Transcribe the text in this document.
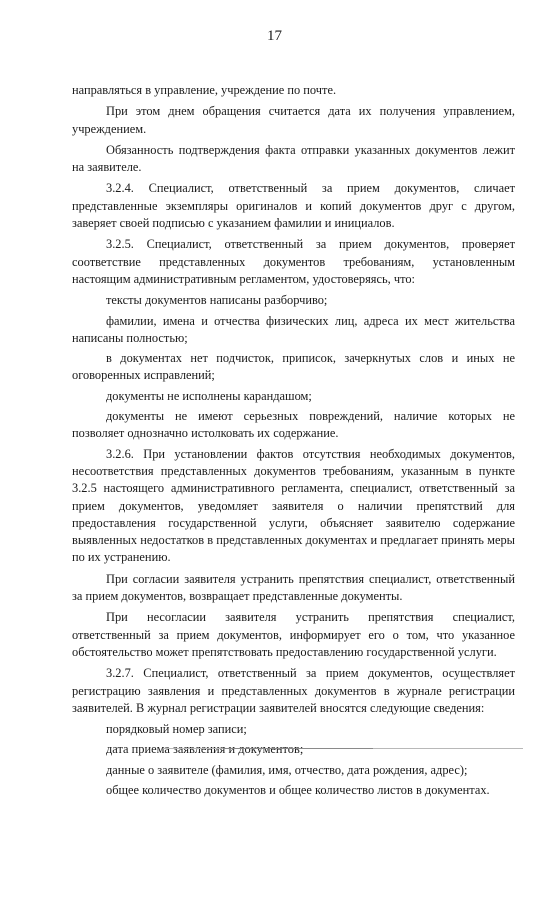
17

направляться в управление, учреждение по почте.

При этом днем обращения считается дата их получения управлением, учреждением.

Обязанность подтверждения факта отправки указанных документов лежит на заявителе.

3.2.4. Специалист, ответственный за прием документов, сличает представленные экземпляры оригиналов и копий документов друг с другом, заверяет своей подписью с указанием фамилии и инициалов.

3.2.5. Специалист, ответственный за прием документов, проверяет соответствие представленных документов требованиям, установленным настоящим административным регламентом, удостоверяясь, что:

тексты документов написаны разборчиво;

фамилии, имена и отчества физических лиц, адреса их мест жительства написаны полностью;

в документах нет подчисток, приписок, зачеркнутых слов и иных не оговоренных исправлений;

документы не исполнены карандашом;

документы не имеют серьезных повреждений, наличие которых не позволяет однозначно истолковать их содержание.

3.2.6. При установлении фактов отсутствия необходимых документов, несоответствия представленных документов требованиям, указанным в пункте 3.2.5 настоящего административного регламента, специалист, ответственный за прием документов, уведомляет заявителя о наличии препятствий для предоставления государственной услуги, объясняет заявителю содержание выявленных недостатков в представленных документах и предлагает принять меры по их устранению.

При согласии заявителя устранить препятствия специалист, ответственный за прием документов, возвращает представленные документы.

При несогласии заявителя устранить препятствия специалист, ответственный за прием документов, информирует его о том, что указанное обстоятельство может препятствовать предоставлению государственной услуги.

3.2.7. Специалист, ответственный за прием документов, осуществляет регистрацию заявления и представленных документов в журнале регистрации заявителей. В журнал регистрации заявителей вносятся следующие сведения:

порядковый номер записи;

дата приема заявления и документов;

данные о заявителе (фамилия, имя, отчество, дата рождения, адрес);

общее количество документов и общее количество листов в документах.
